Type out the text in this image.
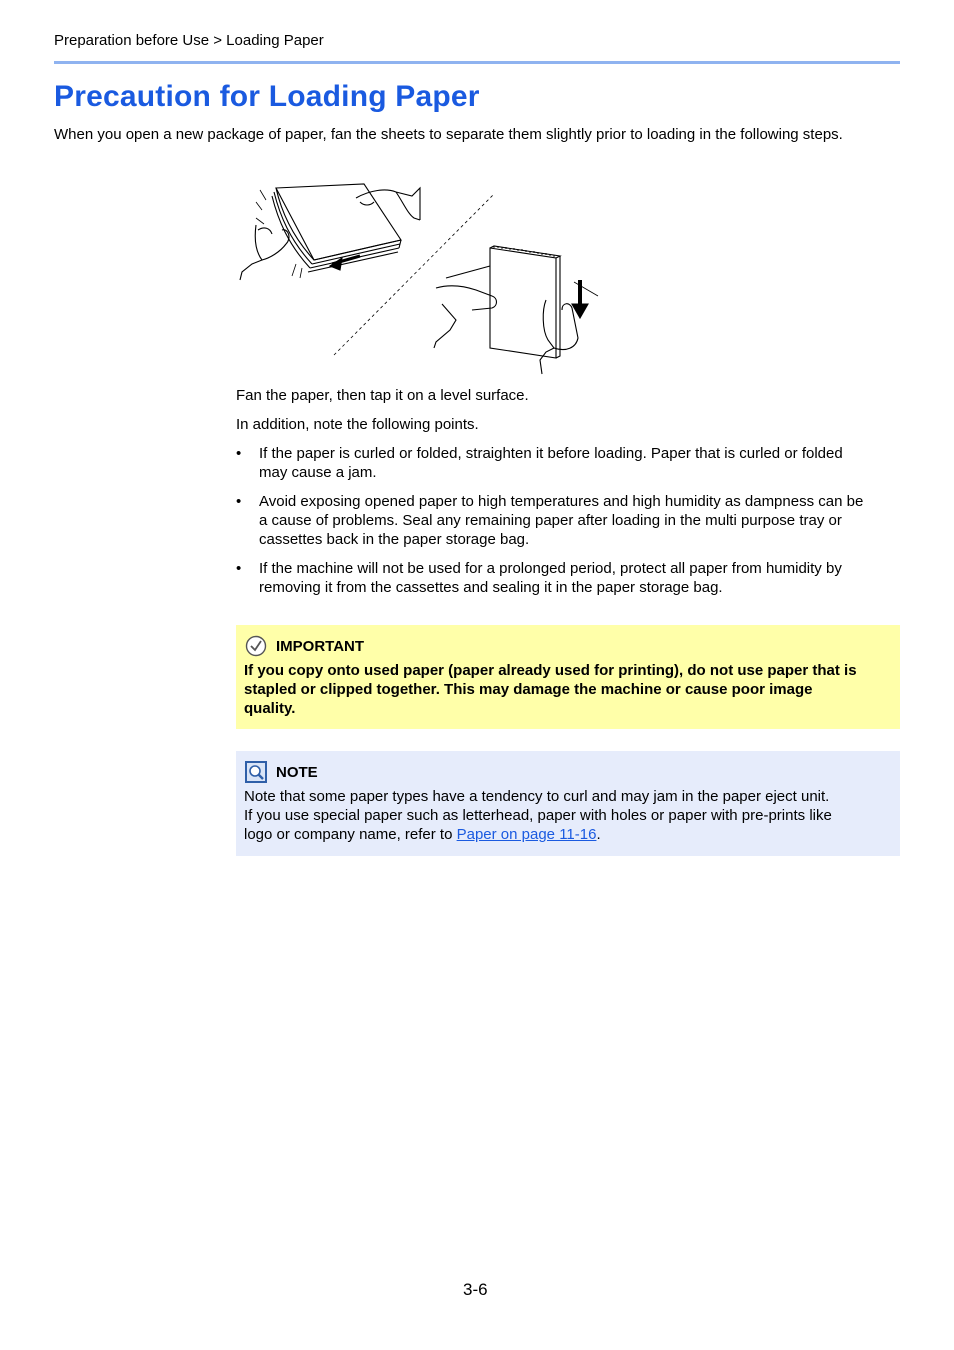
Preparation before Use > Loading Paper
Precaution for Loading Paper
When you open a new package of paper, fan the sheets to separate them slightly prior to loading in the following steps.
Fan the paper, then tap it on a level surface.
In addition, note the following points.
• If the paper is curled or folded, straighten it before loading. Paper that is curled or folded
may cause a jam.
• Avoid exposing opened paper to high temperatures and high humidity as dampness can be
a cause of problems. Seal any remaining paper after loading in the multi purpose tray or
cassettes back in the paper storage bag.
• If the machine will not be used for a prolonged period, protect all paper from humidity by
removing it from the cassettes and sealing it in the paper storage bag.
IMPORTANT
If you copy onto used paper (paper already used for printing), do not use paper that is
stapled or clipped together. This may damage the machine or cause poor image
quality.
NOTE
Note that some paper types have a tendency to curl and may jam in the paper eject unit.
If you use special paper such as letterhead, paper with holes or paper with pre-prints like
logo or company name, refer to Paper on page 11-16.
3-6
